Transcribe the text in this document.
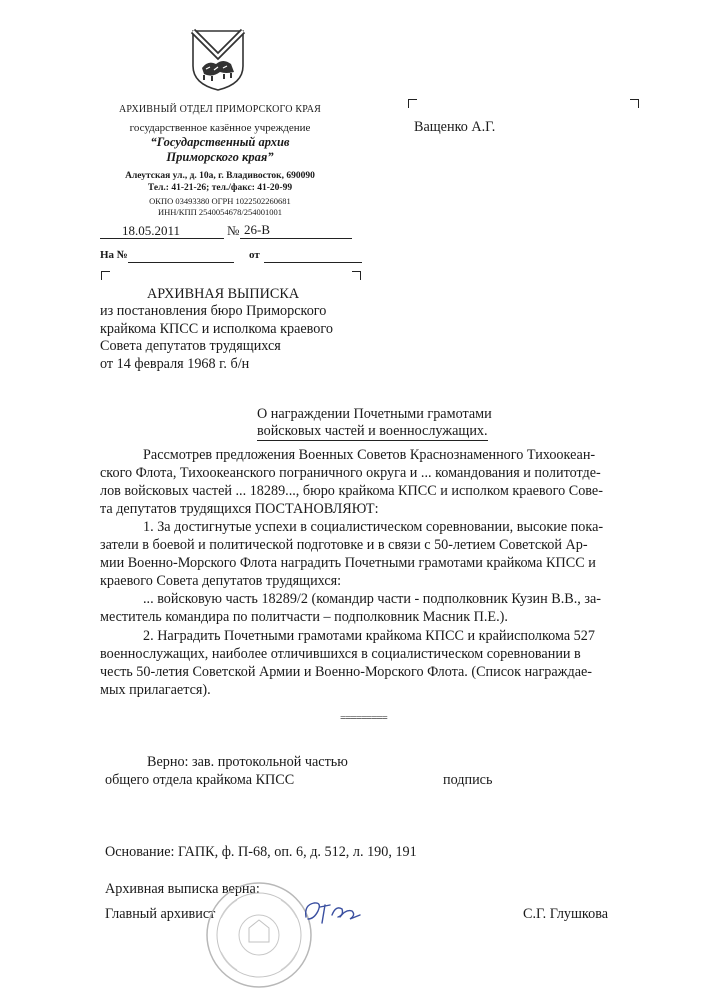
АРХИВНЫЙ ОТДЕЛ ПРИМОРСКОГО КРАЯ
государственное казённое учреждение
“Государственный архив
Приморского края”
Алеутская ул., д. 10а, г. Владивосток, 690090
Тел.: 41-21-26; тел./факс: 41-20-99
ОКПО 03493380 ОГРН 1022502260681
ИНН/КПП 2540054678/254001001
Ващенко А.Г.
18.05.2011	№ 26-В
На №	от
АРХИВНАЯ ВЫПИСКА
из постановления бюро Приморского
крайкома КПСС и исполкома краевого
Совета депутатов трудящихся
от 14 февраля 1968 г. б/н
О награждении Почетными грамотами
войсковых частей и военнослужащих.
Рассмотрев предложения Военных Советов Краснознаменного Тихоокеан-
ского Флота, Тихоокеанского пограничного округа и ... командования и политотде-
лов войсковых частей ... 18289..., бюро крайкома КПСС и исполком краевого Сове-
та депутатов трудящихся ПОСТАНОВЛЯЮТ:
1. За достигнутые успехи в социалистическом соревновании, высокие пока-
затели в боевой и политической подготовке и в связи с 50-летием Советской Ар-
мии Военно-Морского Флота наградить Почетными грамотами крайкома КПСС и
краевого Совета депутатов трудящихся:
... войсковую часть 18289/2 (командир части - подполковник Кузин В.В., за-
меститель командира по политчасти – подполковник Масник П.Е.).
2. Наградить Почетными грамотами крайкома КПСС и крайисполкома 527
военнослужащих, наиболее отличившихся в социалистическом соревновании в
честь 50-летия Советской Армии и Военно-Морского Флота. (Список награждае-
мых прилагается).
=========
Верно: зав. протокольной частью
общего отдела крайкома КПСС	подпись
Основание: ГАПК, ф. П-68, оп. 6, д. 512, л. 190, 191
Архивная выписка верна:
Главный архивист	С.Г. Глушкова
